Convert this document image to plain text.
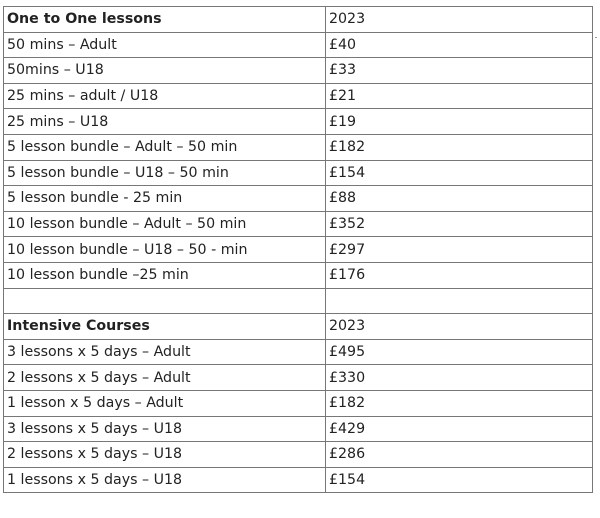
One to One lessons	2023
50 mins – Adult	£40
50mins – U18	£33
25 mins – adult / U18	£21
25 mins – U18	£19
5 lesson bundle – Adult – 50 min	£182
5 lesson bundle – U18 – 50 min	£154
5 lesson bundle - 25 min	£88
10 lesson bundle – Adult – 50 min	£352
10 lesson bundle – U18 – 50 - min	£297
10 lesson bundle –25 min	£176

Intensive Courses	2023
3 lessons x 5 days – Adult	£495
2 lessons x 5 days – Adult	£330
1 lesson x 5 days – Adult	£182
3 lessons x 5 days – U18	£429
2 lessons x 5 days – U18	£286
1 lessons x 5 days – U18	£154
